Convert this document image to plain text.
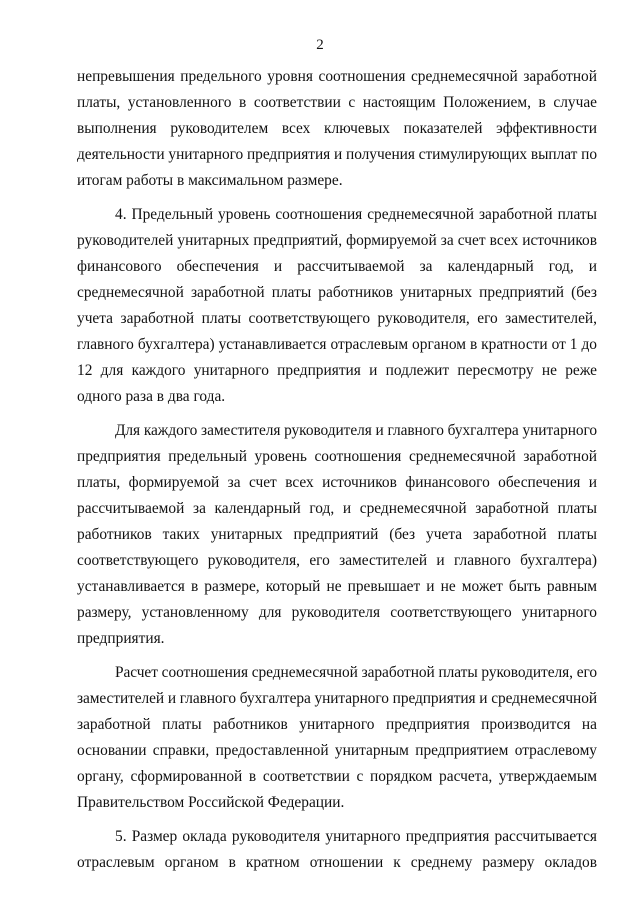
2
непревышения предельного уровня соотношения среднемесячной заработной
платы, установленного в соответствии с настоящим Положением, в случае
выполнения руководителем всех ключевых показателей эффективности
деятельности унитарного предприятия и получения стимулирующих выплат по
итогам работы в максимальном размере.
4. Предельный уровень соотношения среднемесячной заработной платы
руководителей унитарных предприятий, формируемой за счет всех источников
финансового обеспечения и рассчитываемой за календарный год, и
среднемесячной заработной платы работников унитарных предприятий (без
учета заработной платы соответствующего руководителя, его заместителей,
главного бухгалтера) устанавливается отраслевым органом в кратности от 1 до
12 для каждого унитарного предприятия и подлежит пересмотру не реже
одного раза в два года.
Для каждого заместителя руководителя и главного бухгалтера унитарного
предприятия предельный уровень соотношения среднемесячной заработной
платы, формируемой за счет всех источников финансового обеспечения и
рассчитываемой за календарный год, и среднемесячной заработной платы
работников таких унитарных предприятий (без учета заработной платы
соответствующего руководителя, его заместителей и главного бухгалтера)
устанавливается в размере, который не превышает и не может быть равным
размеру, установленному для руководителя соответствующего унитарного
предприятия.
Расчет соотношения среднемесячной заработной платы руководителя, его
заместителей и главного бухгалтера унитарного предприятия и среднемесячной
заработной платы работников унитарного предприятия производится на
основании справки, предоставленной унитарным предприятием отраслевому
органу, сформированной в соответствии с порядком расчета, утверждаемым
Правительством Российской Федерации.
5. Размер оклада руководителя унитарного предприятия рассчитывается
отраслевым органом в кратном отношении к среднему размеру окладов
